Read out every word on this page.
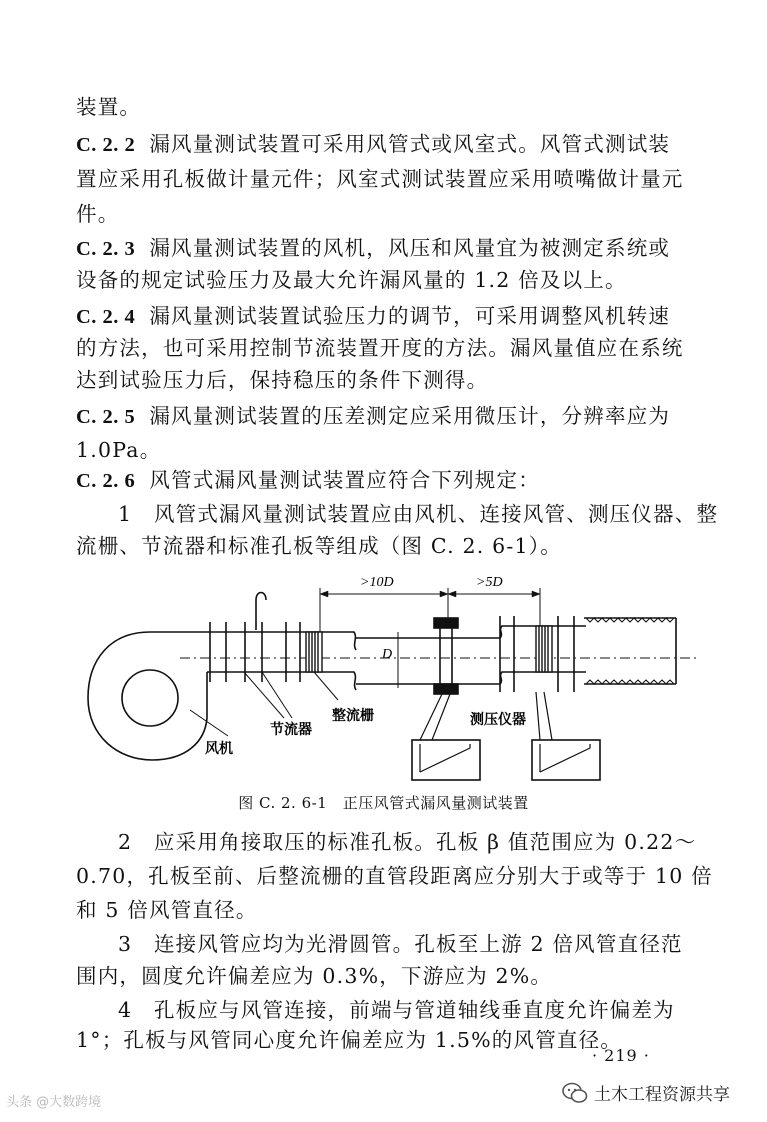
装置。
C. 2. 2 漏风量测试装置可采用风管式或风室式。风管式测试装
置应采用孔板做计量元件；风室式测试装置应采用喷嘴做计量元
件。
C. 2. 3 漏风量测试装置的风机，风压和风量宜为被测定系统或
设备的规定试验压力及最大允许漏风量的 1.2 倍及以上。
C. 2. 4 漏风量测试装置试验压力的调节，可采用调整风机转速
的方法，也可采用控制节流装置开度的方法。漏风量值应在系统
达到试验压力后，保持稳压的条件下测得。
C. 2. 5 漏风量测试装置的压差测定应采用微压计，分辨率应为
1.0Pa。
C. 2. 6 风管式漏风量测试装置应符合下列规定：
1　风管式漏风量测试装置应由风机、连接风管、测压仪器、整
流栅、节流器和标准孔板等组成（图 C. 2. 6-1）。
>10D	>5D
D
风机
节流器
整流栅	测压仪器
图 C. 2. 6-1　正压风管式漏风量测试装置
2　应采用角接取压的标准孔板。孔板 β 值范围应为 0.22～
0.70，孔板至前、后整流栅的直管段距离应分别大于或等于 10 倍
和 5 倍风管直径。
3　连接风管应均为光滑圆管。孔板至上游 2 倍风管直径范
围内，圆度允许偏差应为 0.3%，下游应为 2%。
4　孔板应与风管连接，前端与管道轴线垂直度允许偏差为
1°；孔板与风管同心度允许偏差应为 1.5%的风管直径。
· 219 ·
头条 @大数跨境	土木工程资源共享
